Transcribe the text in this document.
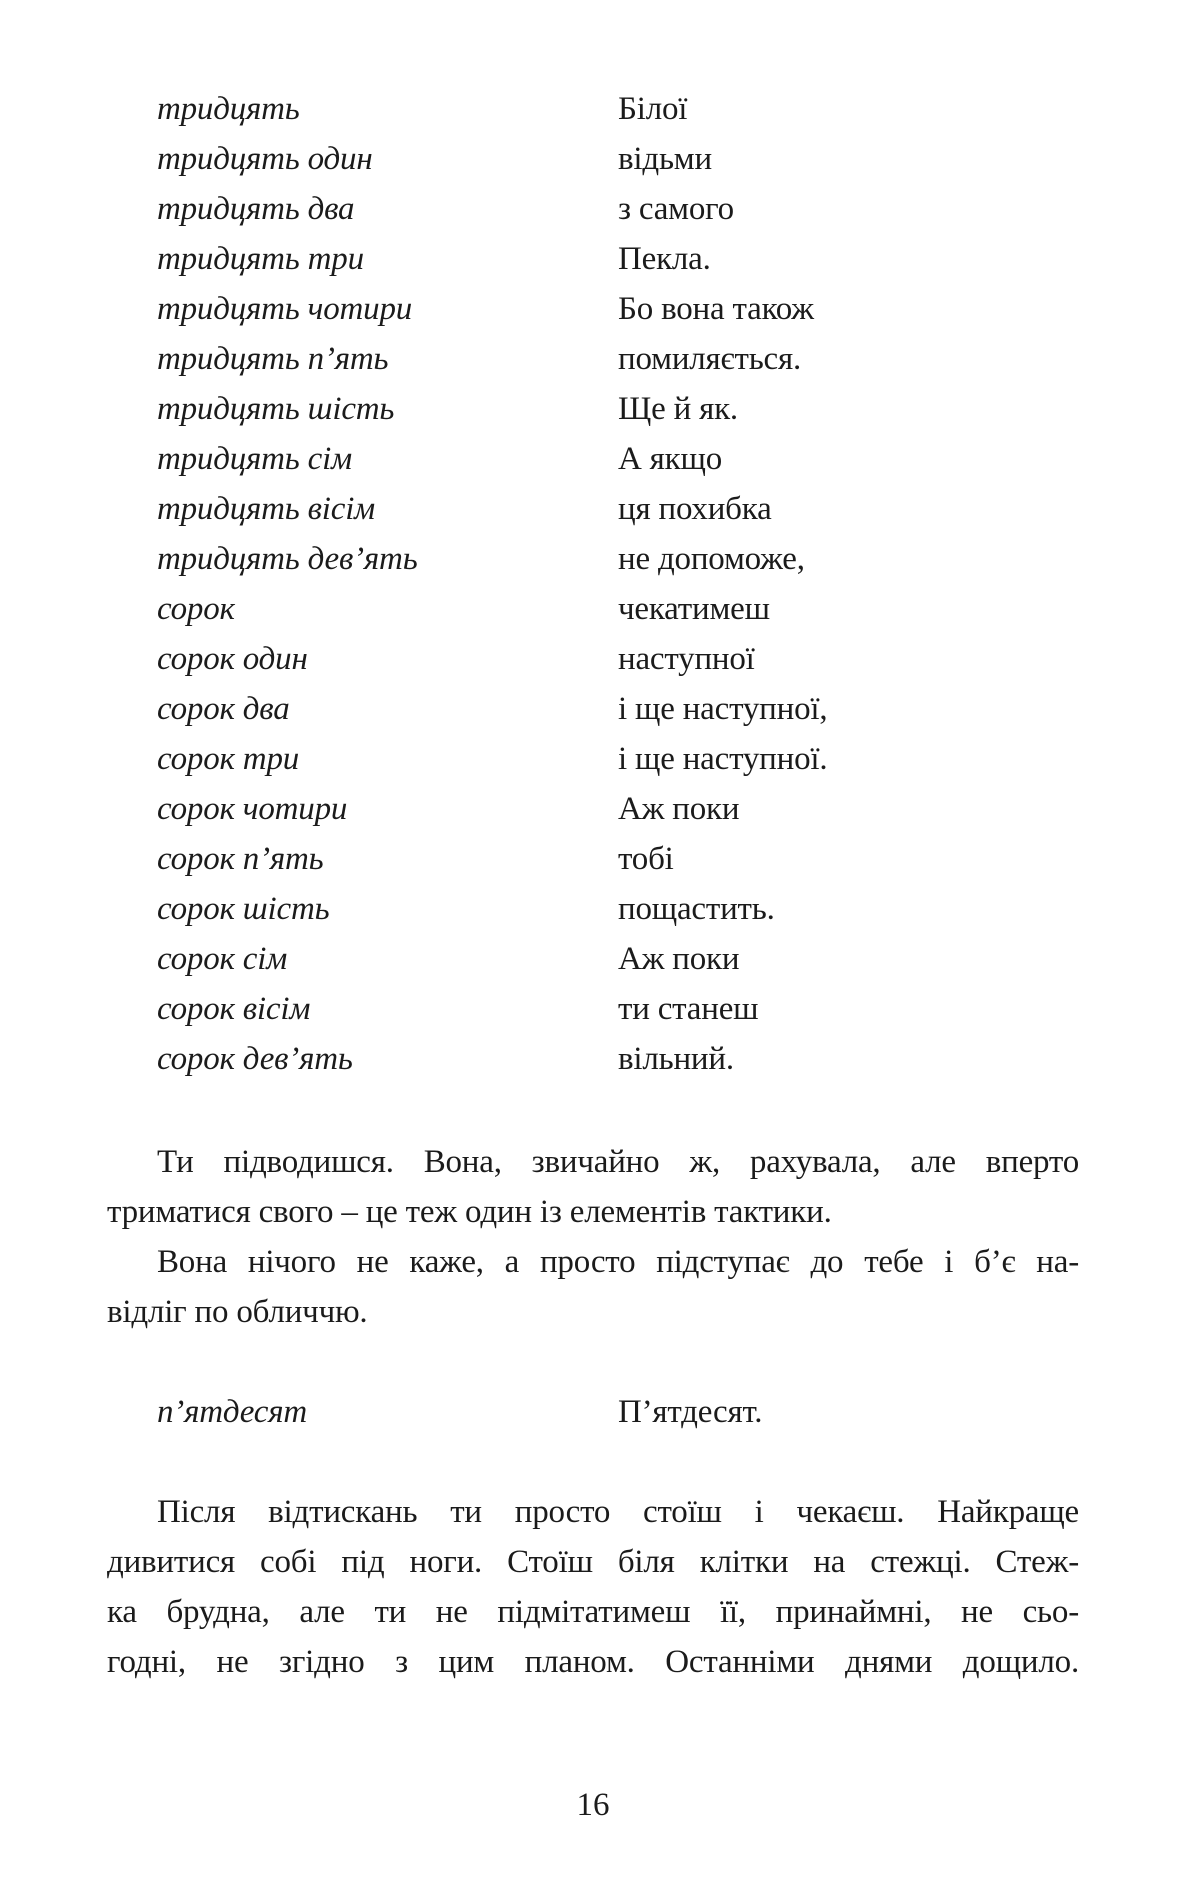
тридцять	Білої
тридцять один	відьми
тридцять два	з самого
тридцять три	Пекла.
тридцять чотири	Бо вона також
тридцять п’ять	помиляється.
тридцять шість	Ще й як.
тридцять сім	А якщо
тридцять вісім	ця похибка
тридцять дев’ять	не допоможе,
сорок	чекатимеш
сорок один	наступної
сорок два	і ще наступної,
сорок три	і ще наступної.
сорок чотири	Аж поки
сорок п’ять	тобі
сорок шість	пощастить.
сорок сім	Аж поки
сорок вісім	ти станеш
сорок дев’ять	вільний.
Ти підводишся. Вона, звичайно ж, рахувала, але вперто
триматися свого – це теж один із елементів тактики.
Вона нічого не каже, а просто підступає до тебе і б’є на-
відліг по обличчю.
п’ятдесят	П’ятдесят.
Після відтискань ти просто стоїш і чекаєш. Найкраще
дивитися собі під ноги. Стоїш біля клітки на стежці. Стеж-
ка брудна, але ти не підмітатимеш її, принаймні, не сьо-
годні, не згідно з цим планом. Останніми днями дощило.
16
